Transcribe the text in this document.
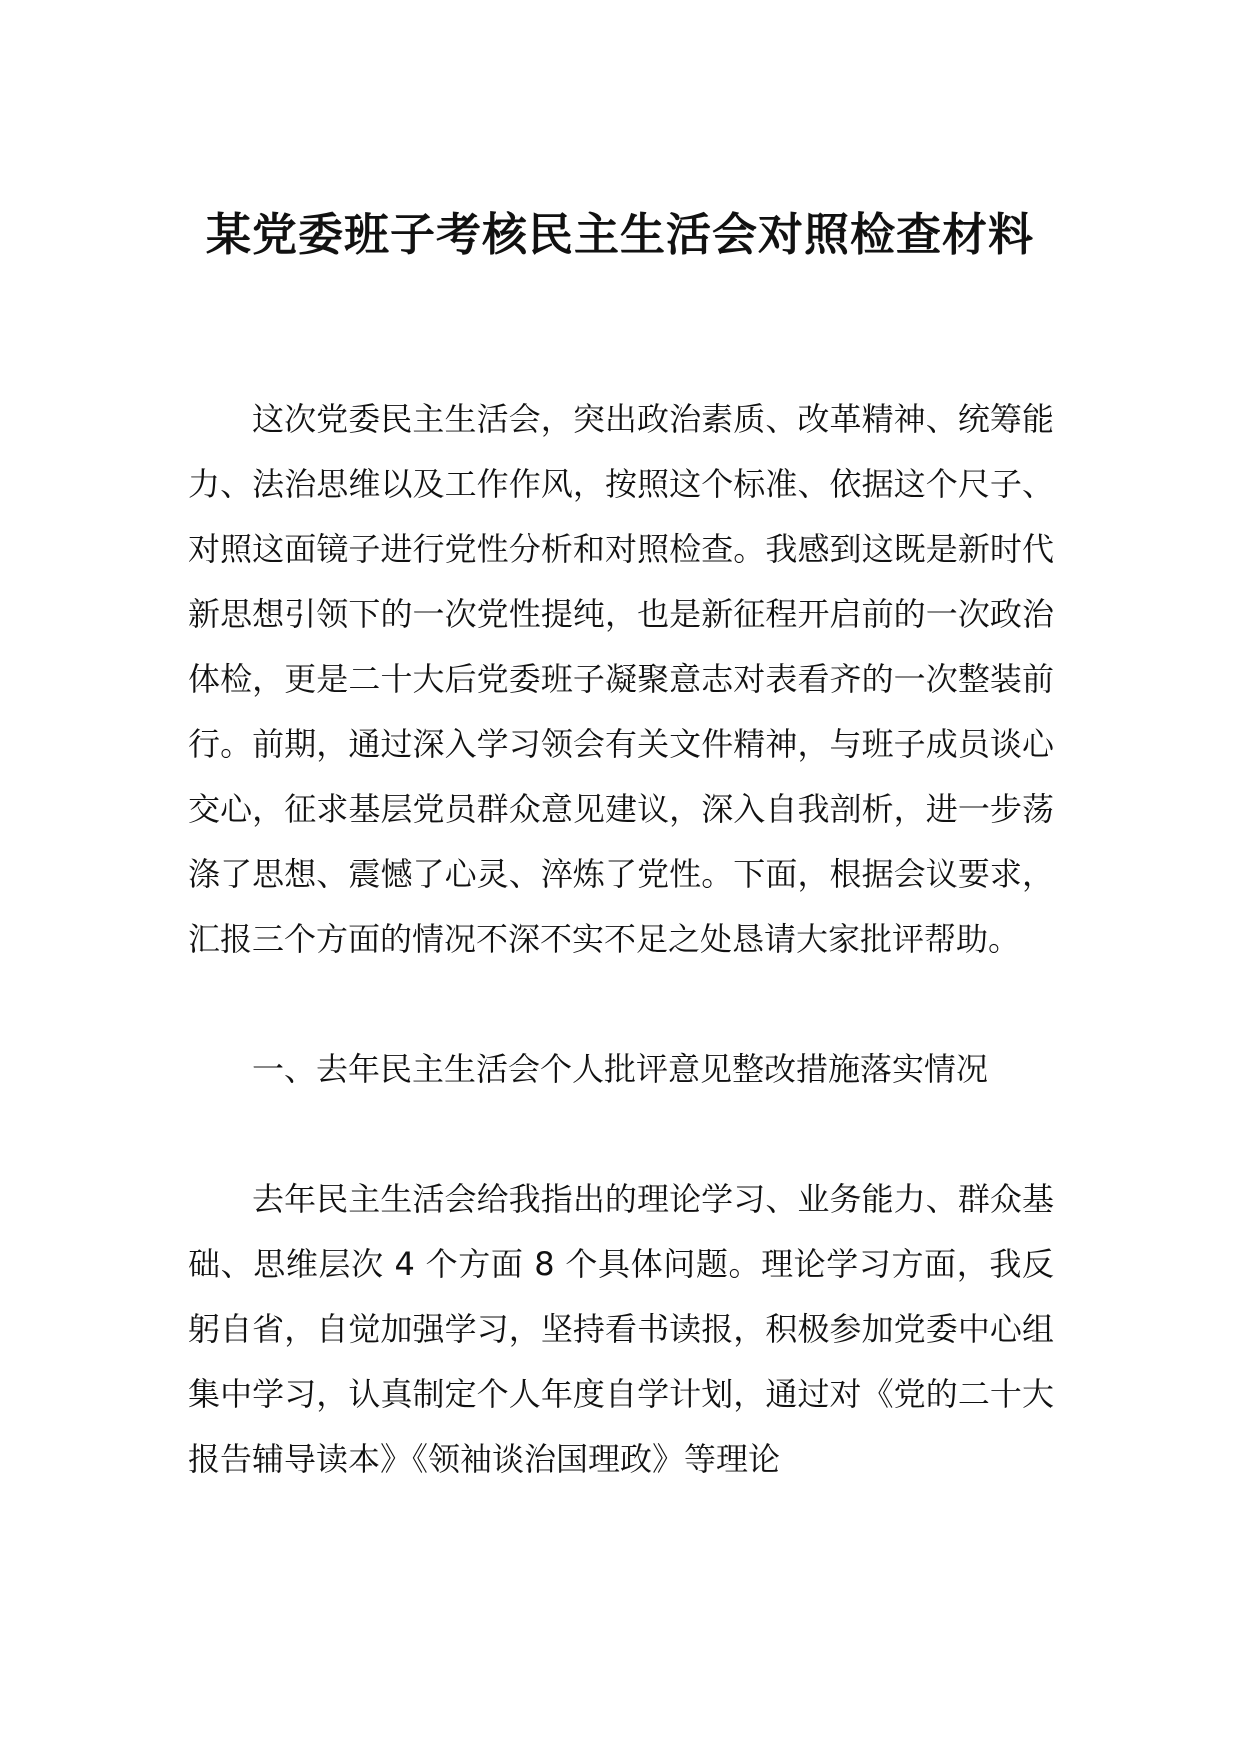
某党委班子考核民主生活会对照检查材料

这次党委民主生活会，突出政治素质、改革精神、统筹能力、法治思维以及工作作风，按照这个标准、依据这个尺子、对照这面镜子进行党性分析和对照检查。我感到这既是新时代新思想引领下的一次党性提纯，也是新征程开启前的一次政治体检，更是二十大后党委班子凝聚意志对表看齐的一次整装前行。前期，通过深入学习领会有关文件精神，与班子成员谈心交心，征求基层党员群众意见建议，深入自我剖析，进一步荡涤了思想、震憾了心灵、淬炼了党性。下面，根据会议要求，汇报三个方面的情况不深不实不足之处恳请大家批评帮助。

一、去年民主生活会个人批评意见整改措施落实情况

去年民主生活会给我指出的理论学习、业务能力、群众基础、思维层次 4 个方面 8 个具体问题。理论学习方面，我反躬自省，自觉加强学习，坚持看书读报，积极参加党委中心组集中学习，认真制定个人年度自学计划，通过对《党的二十大报告辅导读本》《领袖谈治国理政》等理论
